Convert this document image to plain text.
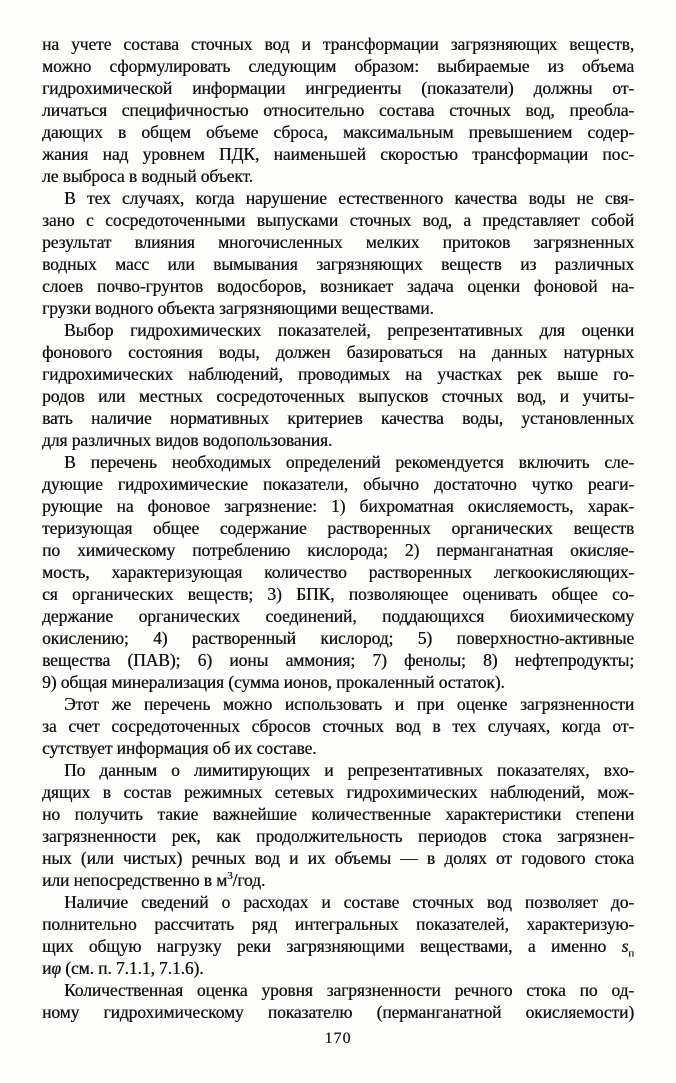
на учете состава сточных вод и трансформации загрязняющих веществ,
можно сформулировать следующим образом: выбираемые из объема
гидрохимической информации ингредиенты (показатели) должны от-
личаться специфичностью относительно состава сточных вод, преобла-
дающих в общем объеме сброса, максимальным превышением содер-
жания над уровнем ПДК, наименьшей скоростью трансформации пос-
ле выброса в водный объект.
В тех случаях, когда нарушение естественного качества воды не свя-
зано с сосредоточенными выпусками сточных вод, а представляет собой
результат влияния многочисленных мелких притоков загрязненных
водных масс или вымывания загрязняющих веществ из различных
слоев почво-грунтов водосборов, возникает задача оценки фоновой на-
грузки водного объекта загрязняющими веществами.
Выбор гидрохимических показателей, репрезентативных для оценки
фонового состояния воды, должен базироваться на данных натурных
гидрохимических наблюдений, проводимых на участках рек выше го-
родов или местных сосредоточенных выпусков сточных вод, и учиты-
вать наличие нормативных критериев качества воды, установленных
для различных видов водопользования.
В перечень необходимых определений рекомендуется включить сле-
дующие гидрохимические показатели, обычно достаточно чутко реаги-
рующие на фоновое загрязнение: 1) бихроматная окисляемость, харак-
теризующая общее содержание растворенных органических веществ
по химическому потреблению кислорода; 2) перманганатная окисляе-
мость, характеризующая количество растворенных легкоокисляющих-
ся органических веществ; 3) БПК, позволяющее оценивать общее со-
держание органических соединений, поддающихся биохимическому
окислению; 4) растворенный кислород; 5) поверхностно-активные
вещества (ПАВ); 6) ионы аммония; 7) фенолы; 8) нефтепродукты;
9) общая минерализация (сумма ионов, прокаленный остаток).
Этот же перечень можно использовать и при оценке загрязненности
за счет сосредоточенных сбросов сточных вод в тех случаях, когда от-
сутствует информация об их составе.
По данным о лимитирующих и репрезентативных показателях, вхо-
дящих в состав режимных сетевых гидрохимических наблюдений, мож-
но получить такие важнейшие количественные характеристики степени
загрязненности рек, как продолжительность периодов стока загрязнен-
ных (или чистых) речных вод и их объемы — в долях от годового стока
или непосредственно в $м^3$/год.
Наличие сведений о расходах и составе сточных вод позволяет до-
полнительно рассчитать ряд интегральных показателей, характеризую-
щих общую нагрузку реки загрязняющими веществами, а именно $s_п$
иφ (см. п. 7.1.1, 7.1.6).
Количественная оценка уровня загрязненности речного стока по од-
ному гидрохимическому показателю (перманганатной окисляемости)
170
